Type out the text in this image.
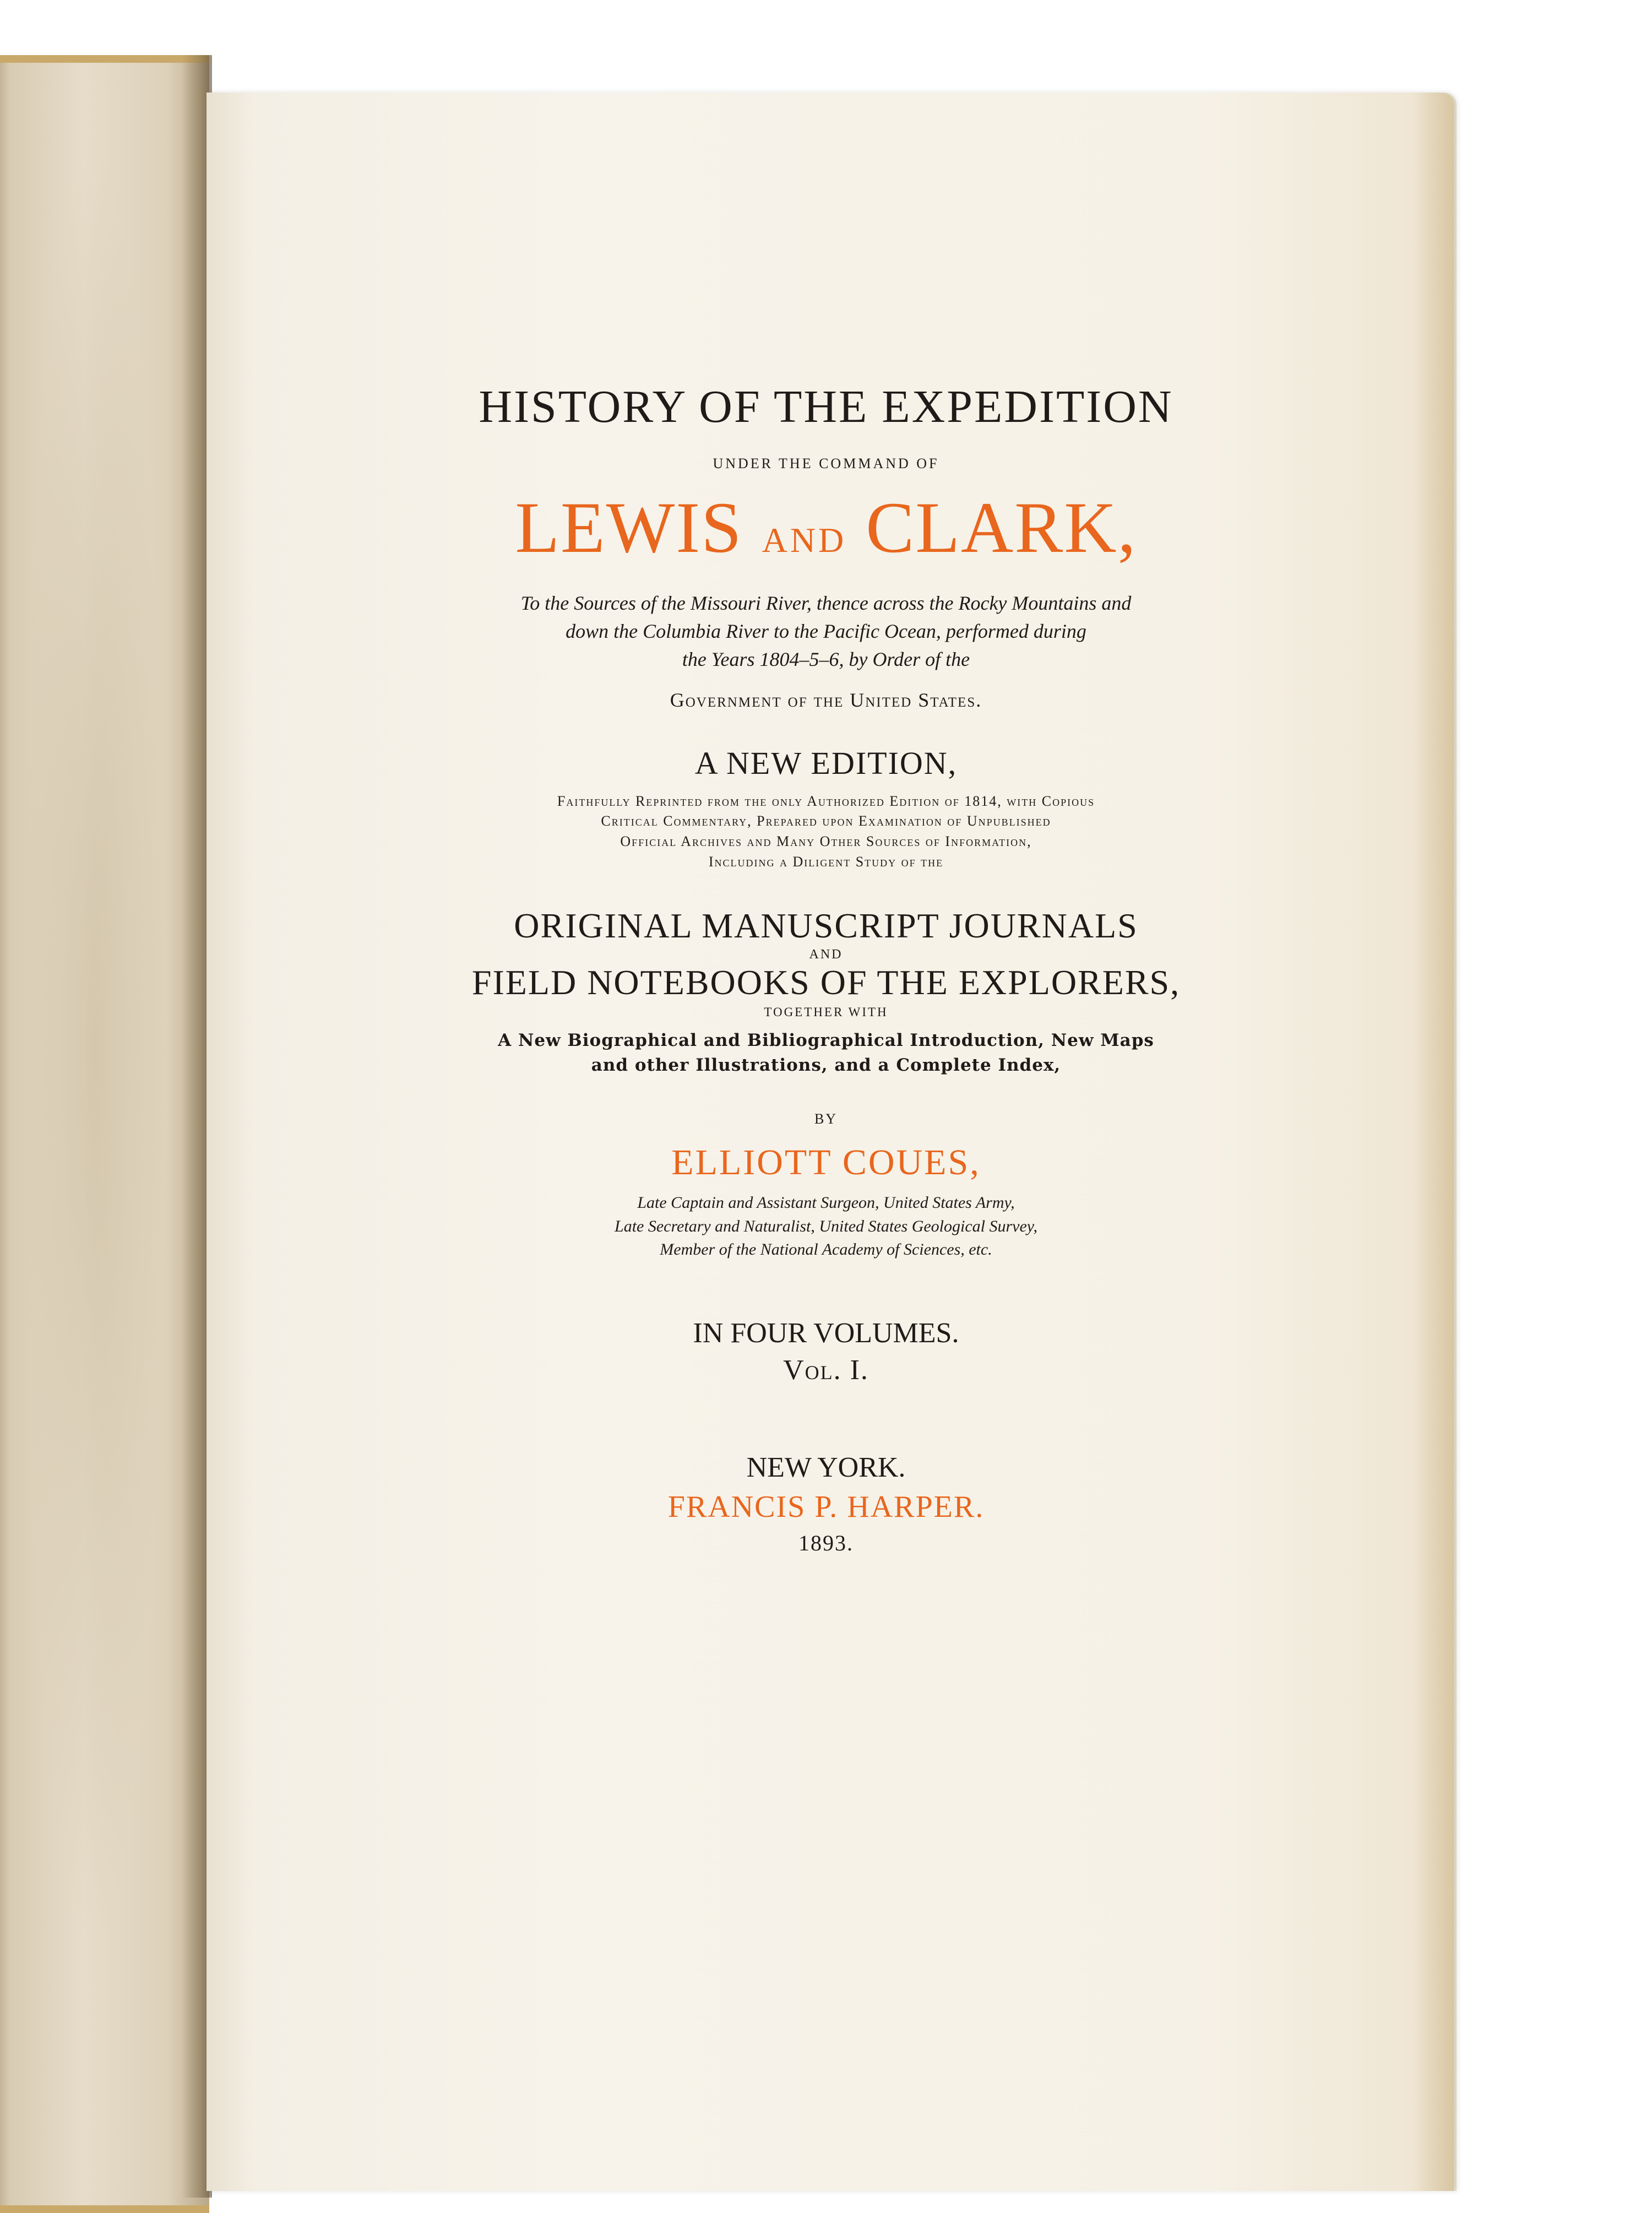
HISTORY OF THE EXPEDITION
UNDER THE COMMAND OF
LEWIS AND CLARK,
To the Sources of the Missouri River, thence across the Rocky Mountains and
down the Columbia River to the Pacific Ocean, performed during
the Years 1804–5–6, by Order of the
Government of the United States.
A NEW EDITION,
Faithfully Reprinted from the only Authorized Edition of 1814, with Copious
Critical Commentary, Prepared upon Examination of Unpublished
Official Archives and Many Other Sources of Information,
Including a Diligent Study of the
ORIGINAL MANUSCRIPT JOURNALS
AND
FIELD NOTEBOOKS OF THE EXPLORERS,
TOGETHER WITH
A New Biographical and Bibliographical Introduction, New Maps
and other Illustrations, and a Complete Index,
BY
ELLIOTT COUES,
Late Captain and Assistant Surgeon, United States Army,
Late Secretary and Naturalist, United States Geological Survey,
Member of the National Academy of Sciences, etc.
IN FOUR VOLUMES.
Vol. I.
NEW YORK.
FRANCIS P. HARPER.
1893.
